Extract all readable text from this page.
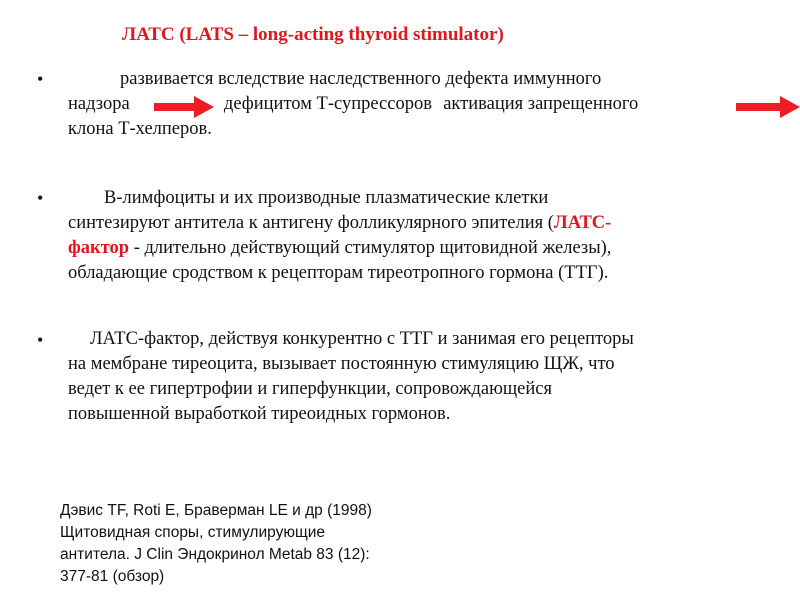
ЛАТС (LATS – long-acting thyroid stimulator)
•	развивается вследствие наследственного дефекта иммунного
надзора	дефицитом Т-супрессоров активация запрещенного
клона Т-хелперов.
•	В-лимфоциты и их производные плазматические клетки
синтезируют антитела к антигену фолликулярного эпителия (ЛАТС-
фактор - длительно действующий стимулятор щитовидной железы),
обладающие сродством к рецепторам тиреотропного гормона (ТТГ).
•	ЛАТС-фактор, действуя конкурентно с ТТГ и занимая его рецепторы
на мембране тиреоцита, вызывает постоянную стимуляцию ЩЖ, что
ведет к ее гипертрофии и гиперфункции, сопровождающейся
повышенной выработкой тиреоидных гормонов.
Дэвис TF, Roti E, Браверман LE и др (1998)
Щитовидная споры, стимулирующие
антитела. J Clin Эндокринол Metab 83 (12):
377-81 (обзор)
